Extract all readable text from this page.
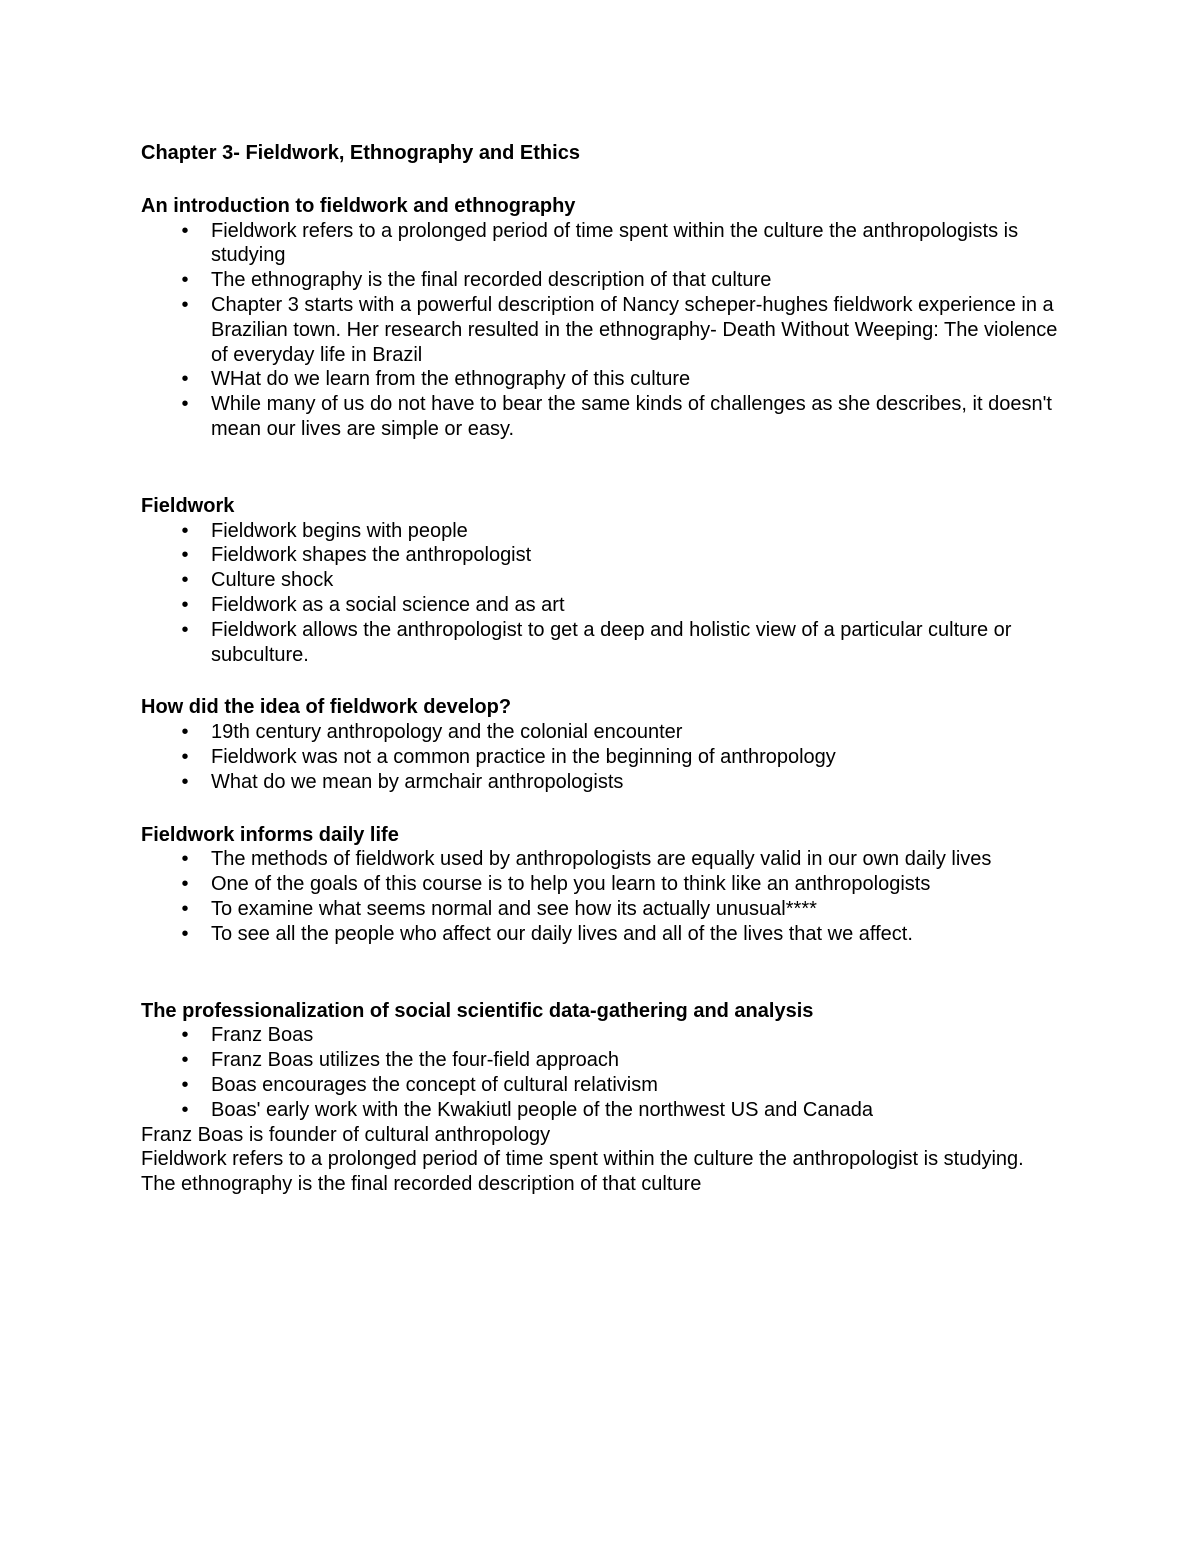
Chapter 3- Fieldwork, Ethnography and Ethics

An introduction to fieldwork and ethnography

• Fieldwork refers to a prolonged period of time spent within the culture the anthropologists is studying
• The ethnography is the final recorded description of that culture
• Chapter 3 starts with a powerful description of Nancy scheper-hughes fieldwork experience in a Brazilian town. Her research resulted in the ethnography- Death Without Weeping: The violence of everyday life in Brazil
• WHat do we learn from the ethnography of this culture
• While many of us do not have to bear the same kinds of challenges as she describes, it doesn't mean our lives are simple or easy.

Fieldwork

• Fieldwork begins with people
• Fieldwork shapes the anthropologist
• Culture shock
• Fieldwork as a social science and as art
• Fieldwork allows the anthropologist to get a deep and holistic view of a particular culture or subculture.

How did the idea of fieldwork develop?

• 19th century anthropology and the colonial encounter
• Fieldwork was not a common practice in the beginning of anthropology
• What do we mean by armchair anthropologists

Fieldwork informs daily life

• The methods of fieldwork used by anthropologists are equally valid in our own daily lives
• One of the goals of this course is to help you learn to think like an anthropologists
• To examine what seems normal and see how its actually unusual****
• To see all the people who affect our daily lives and all of the lives that we affect.

The professionalization of social scientific data-gathering and analysis

• Franz Boas
• Franz Boas utilizes the the four-field approach
• Boas encourages the concept of cultural relativism
• Boas' early work with the Kwakiutl people of the northwest US and Canada

Franz Boas is founder of cultural anthropology

Fieldwork refers to a prolonged period of time spent within the culture the anthropologist is studying.

The ethnography is the final recorded description of that culture
